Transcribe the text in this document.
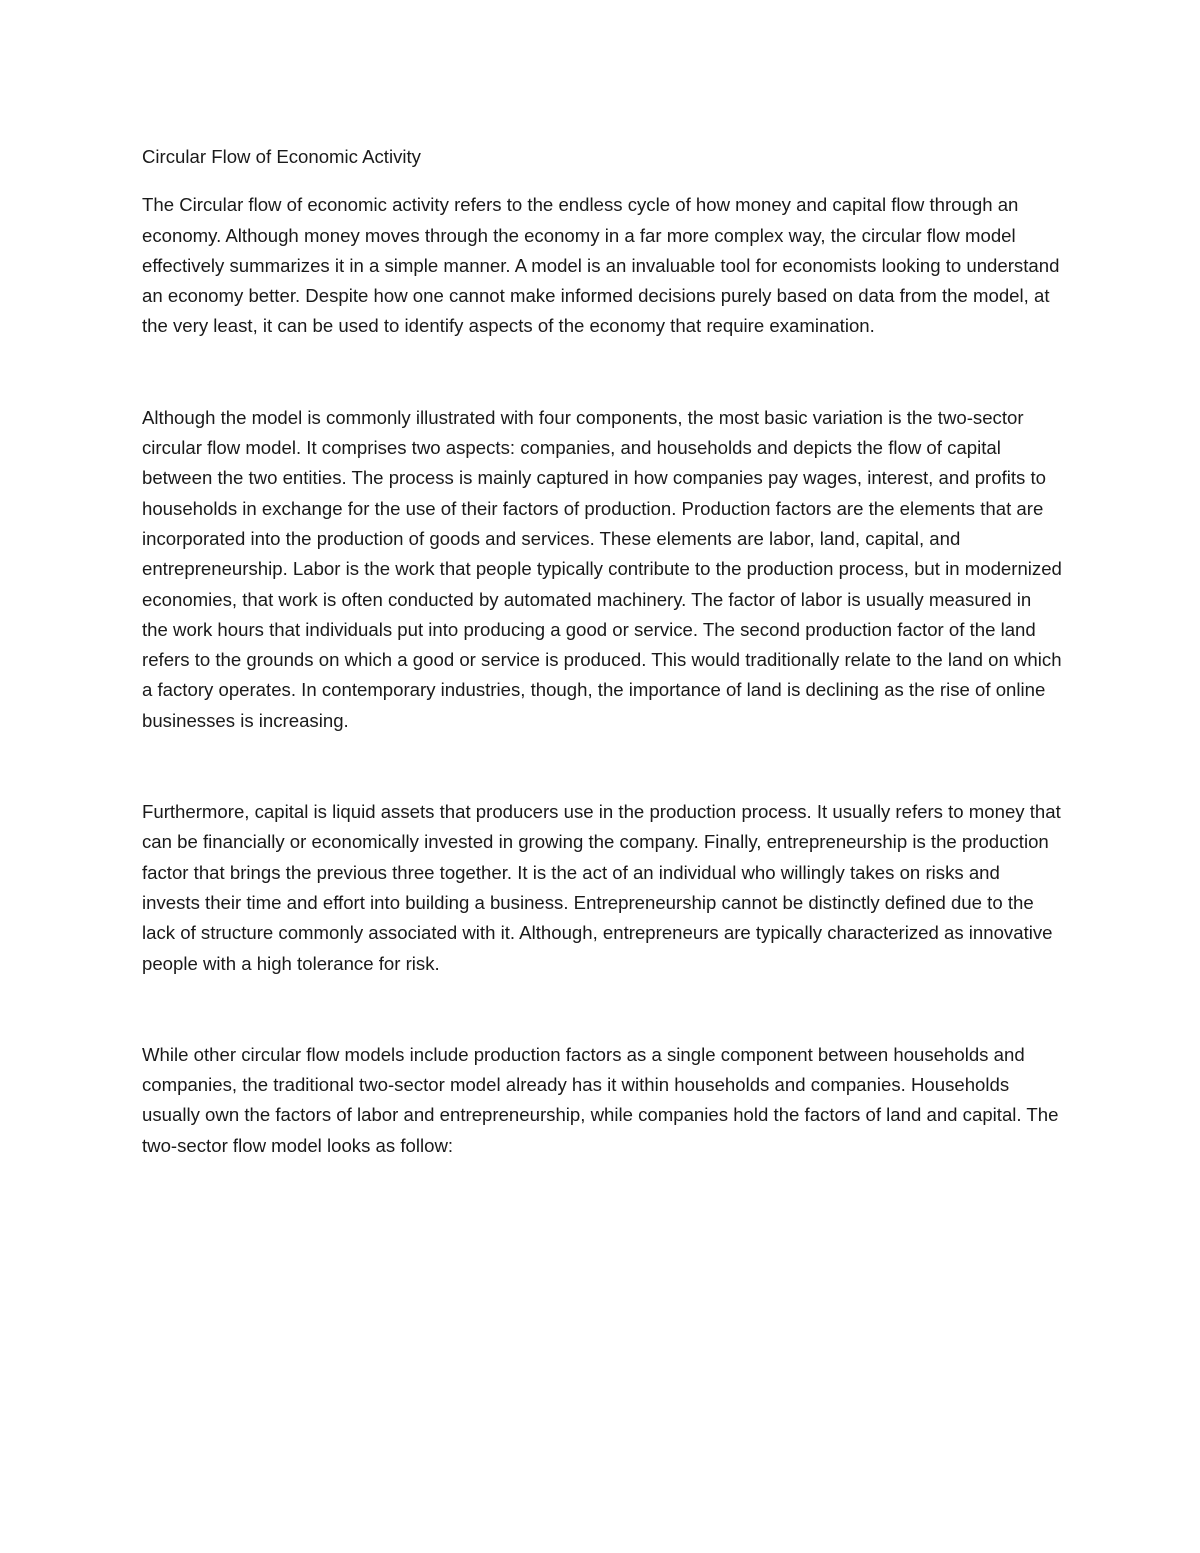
Circular Flow of Economic Activity

The Circular flow of economic activity refers to the endless cycle of how money and capital flow through an economy. Although money moves through the economy in a far more complex way, the circular flow model effectively summarizes it in a simple manner. A model is an invaluable tool for economists looking to understand an economy better. Despite how one cannot make informed decisions purely based on data from the model, at the very least, it can be used to identify aspects of the economy that require examination.

Although the model is commonly illustrated with four components, the most basic variation is the two-sector circular flow model. It comprises two aspects: companies, and households and depicts the flow of capital between the two entities. The process is mainly captured in how companies pay wages, interest, and profits to households in exchange for the use of their factors of production. Production factors are the elements that are incorporated into the production of goods and services. These elements are labor, land, capital, and entrepreneurship. Labor is the work that people typically contribute to the production process, but in modernized economies, that work is often conducted by automated machinery. The factor of labor is usually measured in the work hours that individuals put into producing a good or service. The second production factor of the land refers to the grounds on which a good or service is produced. This would traditionally relate to the land on which a factory operates. In contemporary industries, though, the importance of land is declining as the rise of online businesses is increasing.

Furthermore, capital is liquid assets that producers use in the production process. It usually refers to money that can be financially or economically invested in growing the company. Finally, entrepreneurship is the production factor that brings the previous three together. It is the act of an individual who willingly takes on risks and invests their time and effort into building a business. Entrepreneurship cannot be distinctly defined due to the lack of structure commonly associated with it. Although, entrepreneurs are typically characterized as innovative people with a high tolerance for risk.

While other circular flow models include production factors as a single component between households and companies, the traditional two-sector model already has it within households and companies. Households usually own the factors of labor and entrepreneurship, while companies hold the factors of land and capital. The two-sector flow model looks as follow:
